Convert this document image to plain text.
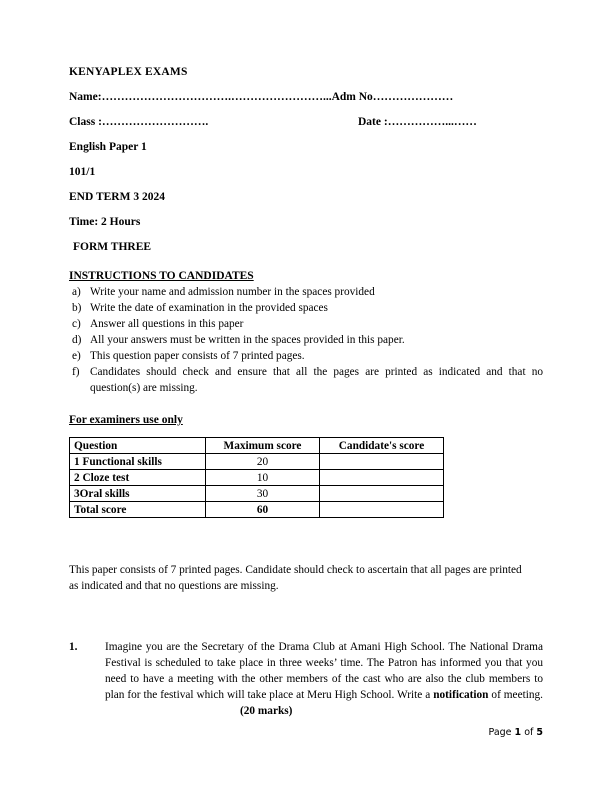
KENYAPLEX EXAMS
Name:…………………………….……………………...Adm No…………………
Class :……………………….	Date :……………...……
English Paper 1
101/1
END TERM 3 2024
Time: 2 Hours
FORM THREE
INSTRUCTIONS TO CANDIDATES
a) Write your name and admission number in the spaces provided
b) Write the date of examination in the provided spaces
c) Answer all questions in this paper
d) All your answers must be written in the spaces provided in this paper.
e) This question paper consists of 7 printed pages.
f) Candidates should check and ensure that all the pages are printed as indicated and that no question(s) are missing.
For examiners use only
Question	Maximum score	Candidate's score
1 Functional skills	20	
2 Cloze test	10	
3Oral skills	30	
Total score	60	

This paper consists of 7 printed pages. Candidate should check to ascertain that all pages are printed as indicated and that no questions are missing.

1. Imagine you are the Secretary of the Drama Club at Amani High School. The National Drama Festival is scheduled to take place in three weeks’ time. The Patron has informed you that you need to have a meeting with the other members of the cast who are also the club members to plan for the festival which will take place at Meru High School. Write a notification of meeting.(20 marks)
Page 1 of 5
